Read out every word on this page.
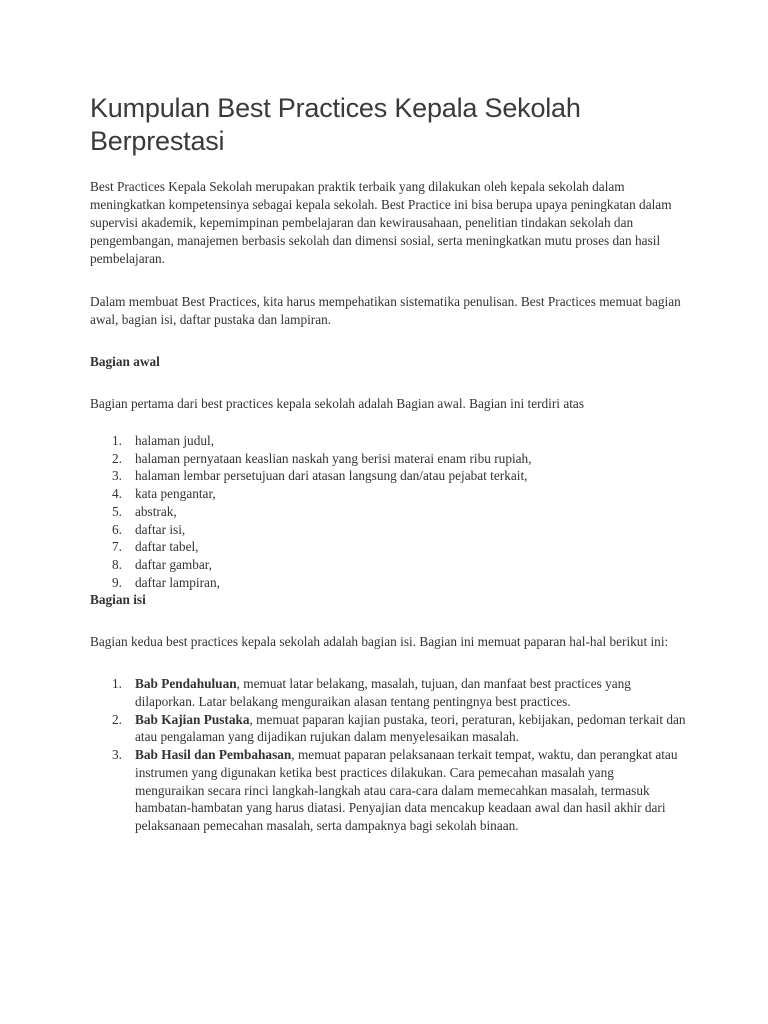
Kumpulan Best Practices Kepala Sekolah Berprestasi

Best Practices Kepala Sekolah merupakan praktik terbaik yang dilakukan oleh kepala sekolah dalam meningkatkan kompetensinya sebagai kepala sekolah. Best Practice ini bisa berupa upaya peningkatan dalam supervisi akademik, kepemimpinan pembelajaran dan kewirausahaan, penelitian tindakan sekolah dan pengembangan, manajemen berbasis sekolah dan dimensi sosial, serta meningkatkan mutu proses dan hasil pembelajaran.

Dalam membuat Best Practices, kita harus mempehatikan sistematika penulisan. Best Practices memuat bagian awal, bagian isi, daftar pustaka dan lampiran.

Bagian awal

Bagian pertama dari best practices kepala sekolah adalah Bagian awal. Bagian ini terdiri atas

1. halaman judul,
2. halaman pernyataan keaslian naskah yang berisi materai enam ribu rupiah,
3. halaman lembar persetujuan dari atasan langsung dan/atau pejabat terkait,
4. kata pengantar,
5. abstrak,
6. daftar isi,
7. daftar tabel,
8. daftar gambar,
9. daftar lampiran,
Bagian isi

Bagian kedua best practices kepala sekolah adalah bagian isi. Bagian ini memuat paparan hal-hal berikut ini:

1. Bab Pendahuluan, memuat latar belakang, masalah, tujuan, dan manfaat best practices yang dilaporkan. Latar belakang menguraikan alasan tentang pentingnya best practices.
2. Bab Kajian Pustaka, memuat paparan kajian pustaka, teori, peraturan, kebijakan, pedoman terkait dan atau pengalaman yang dijadikan rujukan dalam menyelesaikan masalah.
3. Bab Hasil dan Pembahasan, memuat paparan pelaksanaan terkait tempat, waktu, dan perangkat atau instrumen yang digunakan ketika best practices dilakukan. Cara pemecahan masalah yang menguraikan secara rinci langkah-langkah atau cara-cara dalam memecahkan masalah, termasuk hambatan-hambatan yang harus diatasi. Penyajian data mencakup keadaan awal dan hasil akhir dari pelaksanaan pemecahan masalah, serta dampaknya bagi sekolah binaan.
